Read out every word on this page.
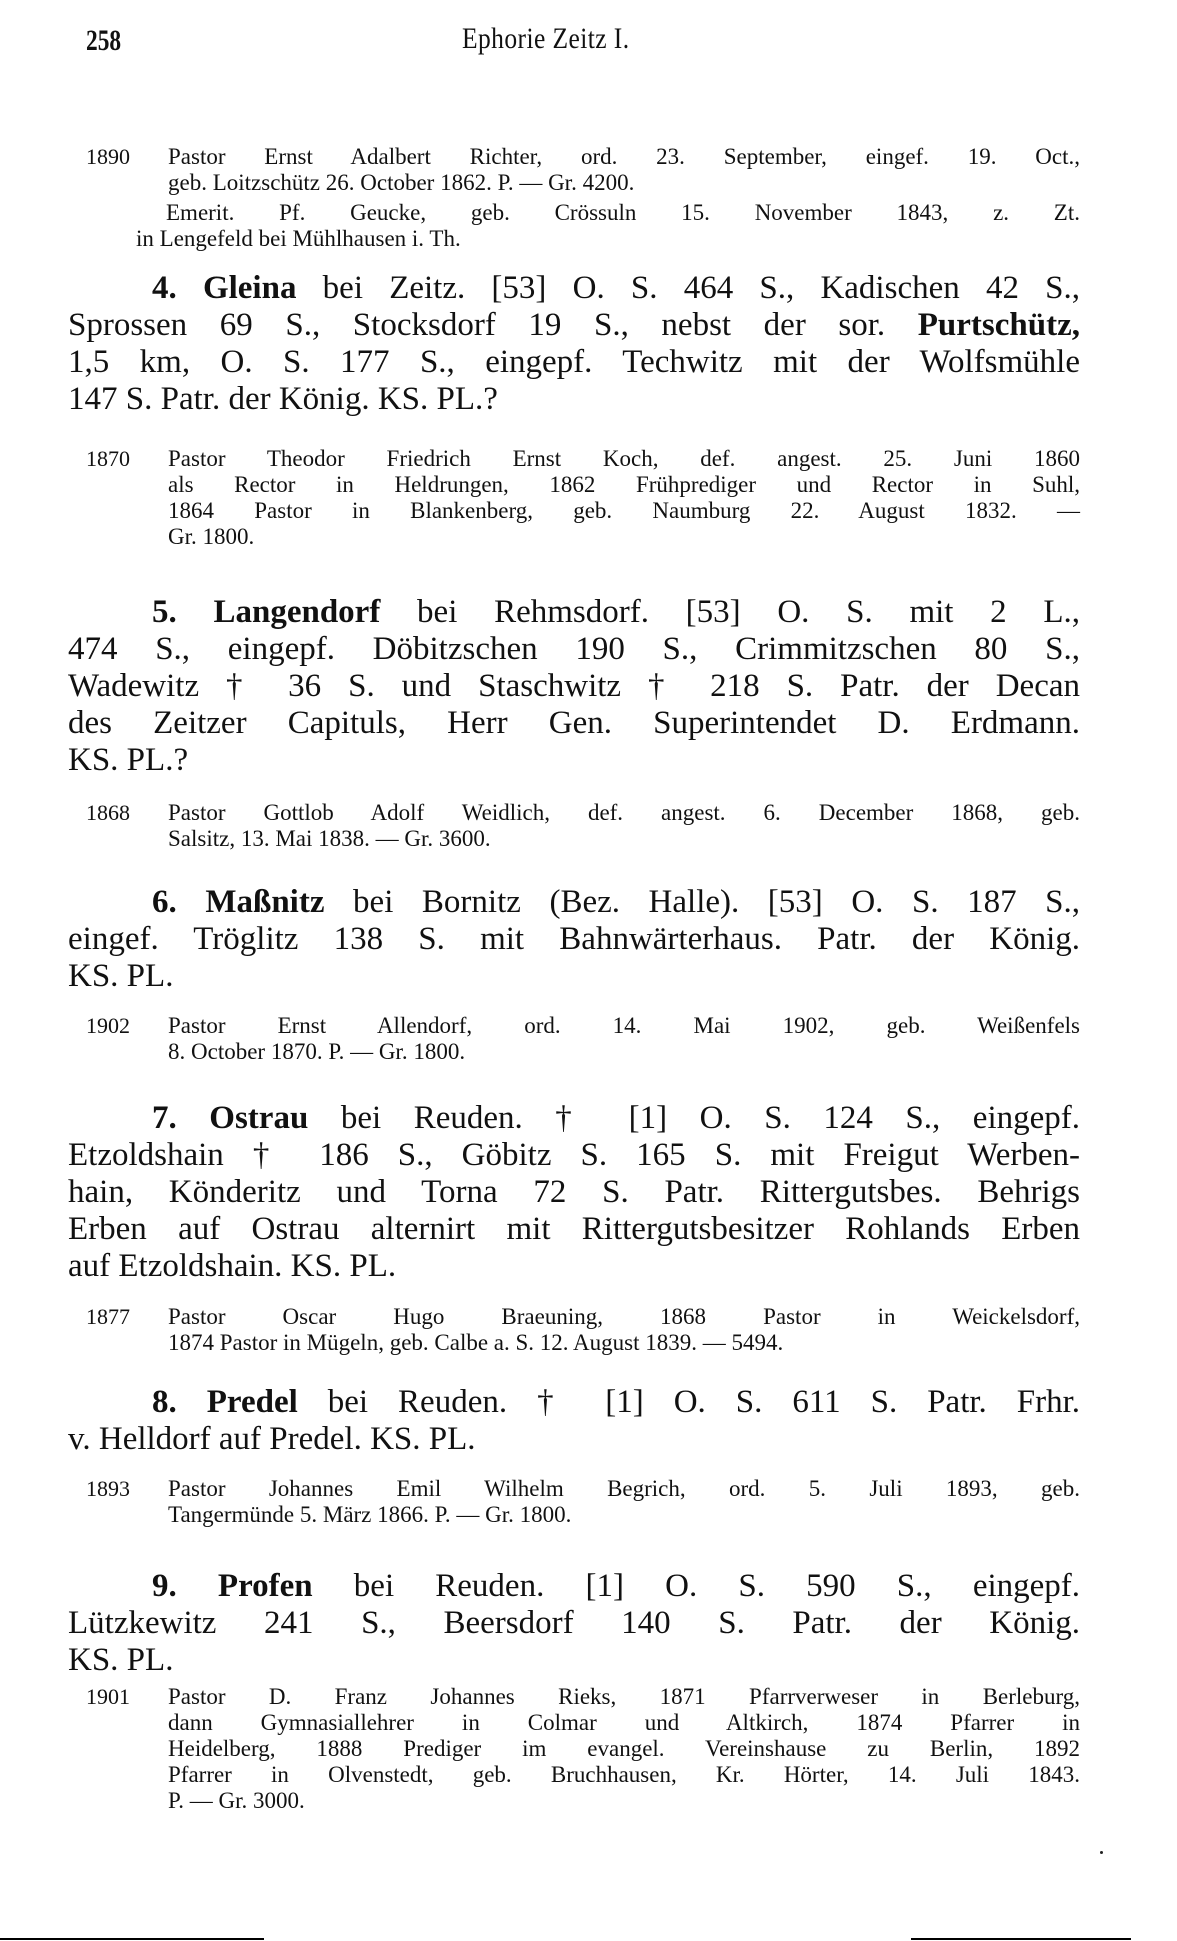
258	Ephorie Zeitz I.
1890	Pastor Ernst Adalbert Richter, ord. 23. September, eingef. 19. Oct.,
geb. Loitzschütz 26. October 1862. P. — Gr. 4200.
Emerit. Pf. Geucke, geb. Crössuln 15. November 1843, z. Zt.
in Lengefeld bei Mühlhausen i. Th.
4. Gleina bei Zeitz. [53] O. S. 464 S., Kadischen 42 S.,
Sprossen 69 S., Stocksdorf 19 S., nebst der sor. Purtschütz,
1,5 km, O. S. 177 S., eingepf. Techwitz mit der Wolfsmühle
147 S. Patr. der König. KS. PL.?
1870	Pastor Theodor Friedrich Ernst Koch, def. angest. 25. Juni 1860
als Rector in Heldrungen, 1862 Frühprediger und Rector in Suhl,
1864 Pastor in Blankenberg, geb. Naumburg 22. August 1832. —
Gr. 1800.
5. Langendorf bei Rehmsdorf. [53] O. S. mit 2 L.,
474 S., eingepf. Döbitzschen 190 S., Crimmitzschen 80 S.,
Wadewitz † 36 S. und Staschwitz † 218 S. Patr. der Decan
des Zeitzer Capituls, Herr Gen. Superintendet D. Erdmann.
KS. PL.?
1868	Pastor Gottlob Adolf Weidlich, def. angest. 6. December 1868, geb.
Salsitz, 13. Mai 1838. — Gr. 3600.
6. Maßnitz bei Bornitz (Bez. Halle). [53] O. S. 187 S.,
eingef. Tröglitz 138 S. mit Bahnwärterhaus. Patr. der König.
KS. PL.
1902	Pastor Ernst Allendorf, ord. 14. Mai 1902, geb. Weißenfels
8. October 1870. P. — Gr. 1800.
7. Ostrau bei Reuden. † [1] O. S. 124 S., eingepf.
Etzoldshain † 186 S., Göbitz S. 165 S. mit Freigut Werben-
hain, Könderitz und Torna 72 S. Patr. Rittergutsbes. Behrigs
Erben auf Ostrau alternirt mit Rittergutsbesitzer Rohlands Erben
auf Etzoldshain. KS. PL.
1877	Pastor Oscar Hugo Braeuning, 1868 Pastor in Weickelsdorf,
1874 Pastor in Mügeln, geb. Calbe a. S. 12. August 1839. — 5494.
8. Predel bei Reuden. † [1] O. S. 611 S. Patr. Frhr.
v. Helldorf auf Predel. KS. PL.
1893	Pastor Johannes Emil Wilhelm Begrich, ord. 5. Juli 1893, geb.
Tangermünde 5. März 1866. P. — Gr. 1800.
9. Profen bei Reuden. [1] O. S. 590 S., eingepf.
Lützkewitz 241 S., Beersdorf 140 S. Patr. der König.
KS. PL.
1901	Pastor D. Franz Johannes Rieks, 1871 Pfarrverweser in Berleburg,
dann Gymnasiallehrer in Colmar und Altkirch, 1874 Pfarrer in
Heidelberg, 1888 Prediger im evangel. Vereinshause zu Berlin, 1892
Pfarrer in Olvenstedt, geb. Bruchhausen, Kr. Hörter, 14. Juli 1843.
P. — Gr. 3000.
